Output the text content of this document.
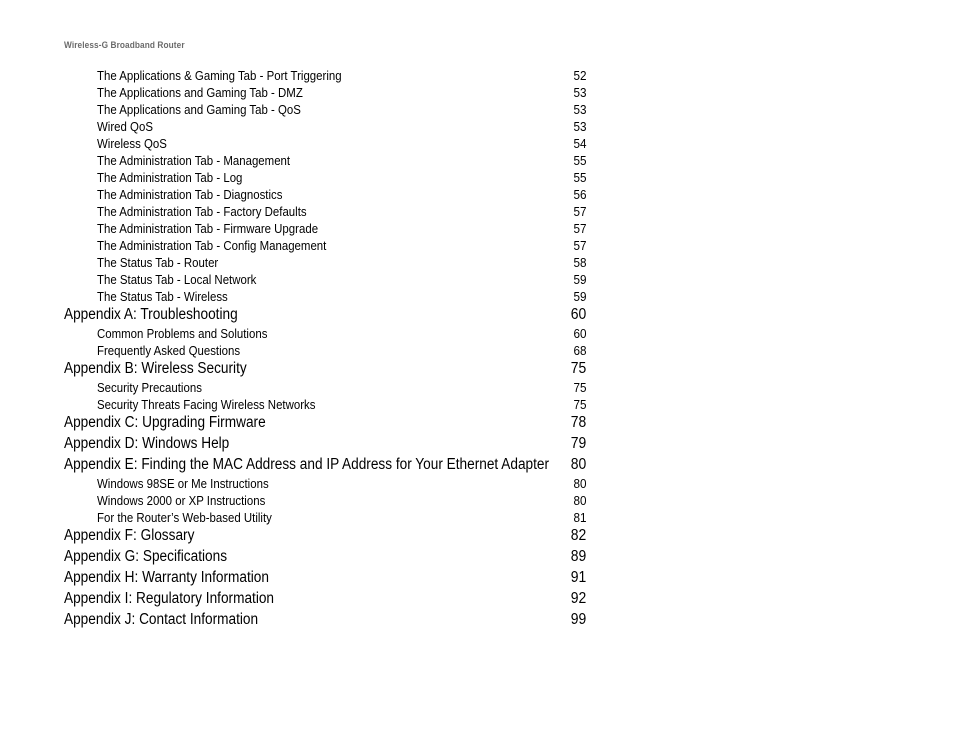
Wireless-G Broadband Router
The Applications & Gaming Tab - Port Triggering	52
The Applications and Gaming Tab - DMZ	53
The Applications and Gaming Tab - QoS	53
Wired QoS	53
Wireless QoS	54
The Administration Tab - Management	55
The Administration Tab - Log	55
The Administration Tab - Diagnostics	56
The Administration Tab - Factory Defaults	57
The Administration Tab - Firmware Upgrade	57
The Administration Tab - Config Management	57
The Status Tab - Router	58
The Status Tab - Local Network	59
The Status Tab - Wireless	59
Appendix A: Troubleshooting	60
Common Problems and Solutions	60
Frequently Asked Questions	68
Appendix B: Wireless Security	75
Security Precautions	75
Security Threats Facing Wireless Networks	75
Appendix C: Upgrading Firmware	78
Appendix D: Windows Help	79
Appendix E: Finding the MAC Address and IP Address for Your Ethernet Adapter 80
Windows 98SE or Me Instructions	80
Windows 2000 or XP Instructions	80
For the Router’s Web-based Utility	81
Appendix F: Glossary	82
Appendix G: Specifications	89
Appendix H: Warranty Information	91
Appendix I: Regulatory Information	92
Appendix J: Contact Information	99
